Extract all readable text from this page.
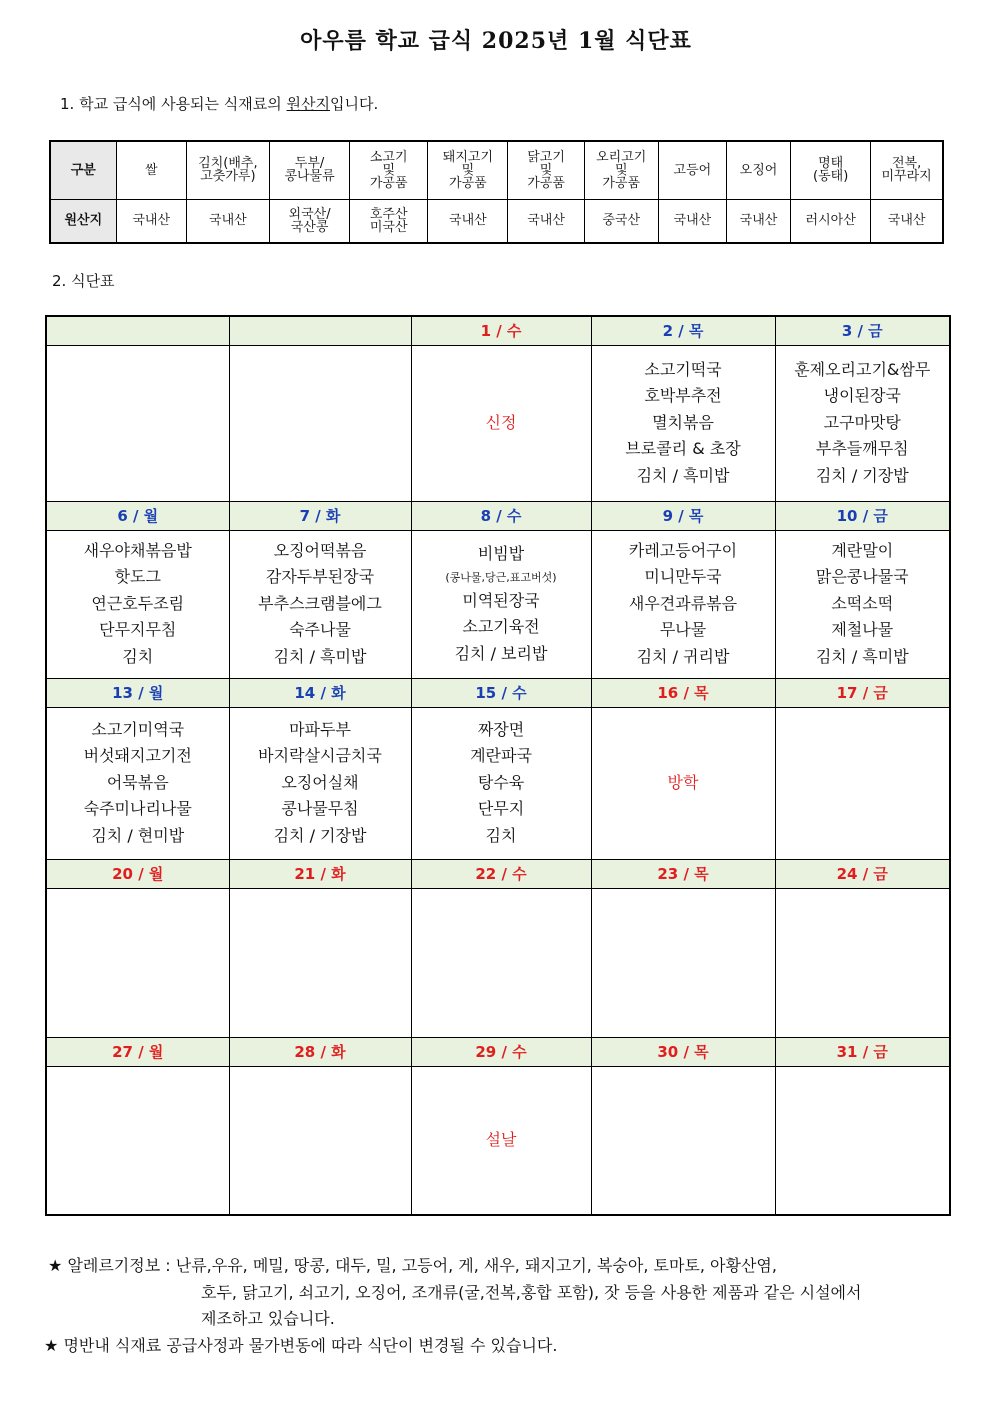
아우름 학교 급식 2025년 1월 식단표
1. 학교 급식에 사용되는 식재료의 원산지입니다.
구분	쌀	김치(배추,
고춧가루)	두부/
콩나물류	소고기
및
가공품	돼지고기
및
가공품	닭고기
및
가공품	오리고기
및
가공품	고등어	오징어	명태
(동태)	전복,
미꾸라지

원산지	국내산	국내산	외국산/
국산콩	호주산
미국산	국내산	국내산	중국산	국내산	국내산	러시아산	국내산
2. 식단표
		1 / 수	2 / 목	3 / 금

		신정	소고기떡국
호박부추전
멸치볶음
브로콜리 & 초장
김치 / 흑미밥	훈제오리고기&쌈무
냉이된장국
고구마맛탕
부추들깨무침
김치 / 기장밥

6 / 월	7 / 화	8 / 수	9 / 목	10 / 금

새우야채볶음밥
핫도그
연근호두조림
단무지무침
김치	오징어떡볶음
감자두부된장국
부추스크램블에그
숙주나물
김치 / 흑미밥	비빔밥
(콩나물,당근,표고버섯)
미역된장국
소고기육전
김치 / 보리밥	카레고등어구이
미니만두국
새우견과류볶음
무나물
김치 / 귀리밥	계란말이
맑은콩나물국
소떡소떡
제철나물
김치 / 흑미밥

13 / 월	14 / 화	15 / 수	16 / 목	17 / 금

소고기미역국
버섯돼지고기전
어묵볶음
숙주미나리나물
김치 / 현미밥	마파두부
바지락살시금치국
오징어실채
콩나물무침
김치 / 기장밥	짜장면
계란파국
탕수육
단무지
김치	방학	

20 / 월	21 / 화	22 / 수	23 / 목	24 / 금

27 / 월	28 / 화	29 / 수	30 / 목	31 / 금

		설날		

★ 알레르기정보 : 난류,우유, 메밀, 땅콩, 대두, 밀, 고등어, 게, 새우, 돼지고기, 복숭아, 토마토, 아황산염,
호두, 닭고기, 쇠고기, 오징어, 조개류(굴,전복,홍합 포함), 잣 등을 사용한 제품과 같은 시설에서
제조하고 있습니다.
★ 명반내 식재료 공급사정과 물가변동에 따라 식단이 변경될 수 있습니다.
